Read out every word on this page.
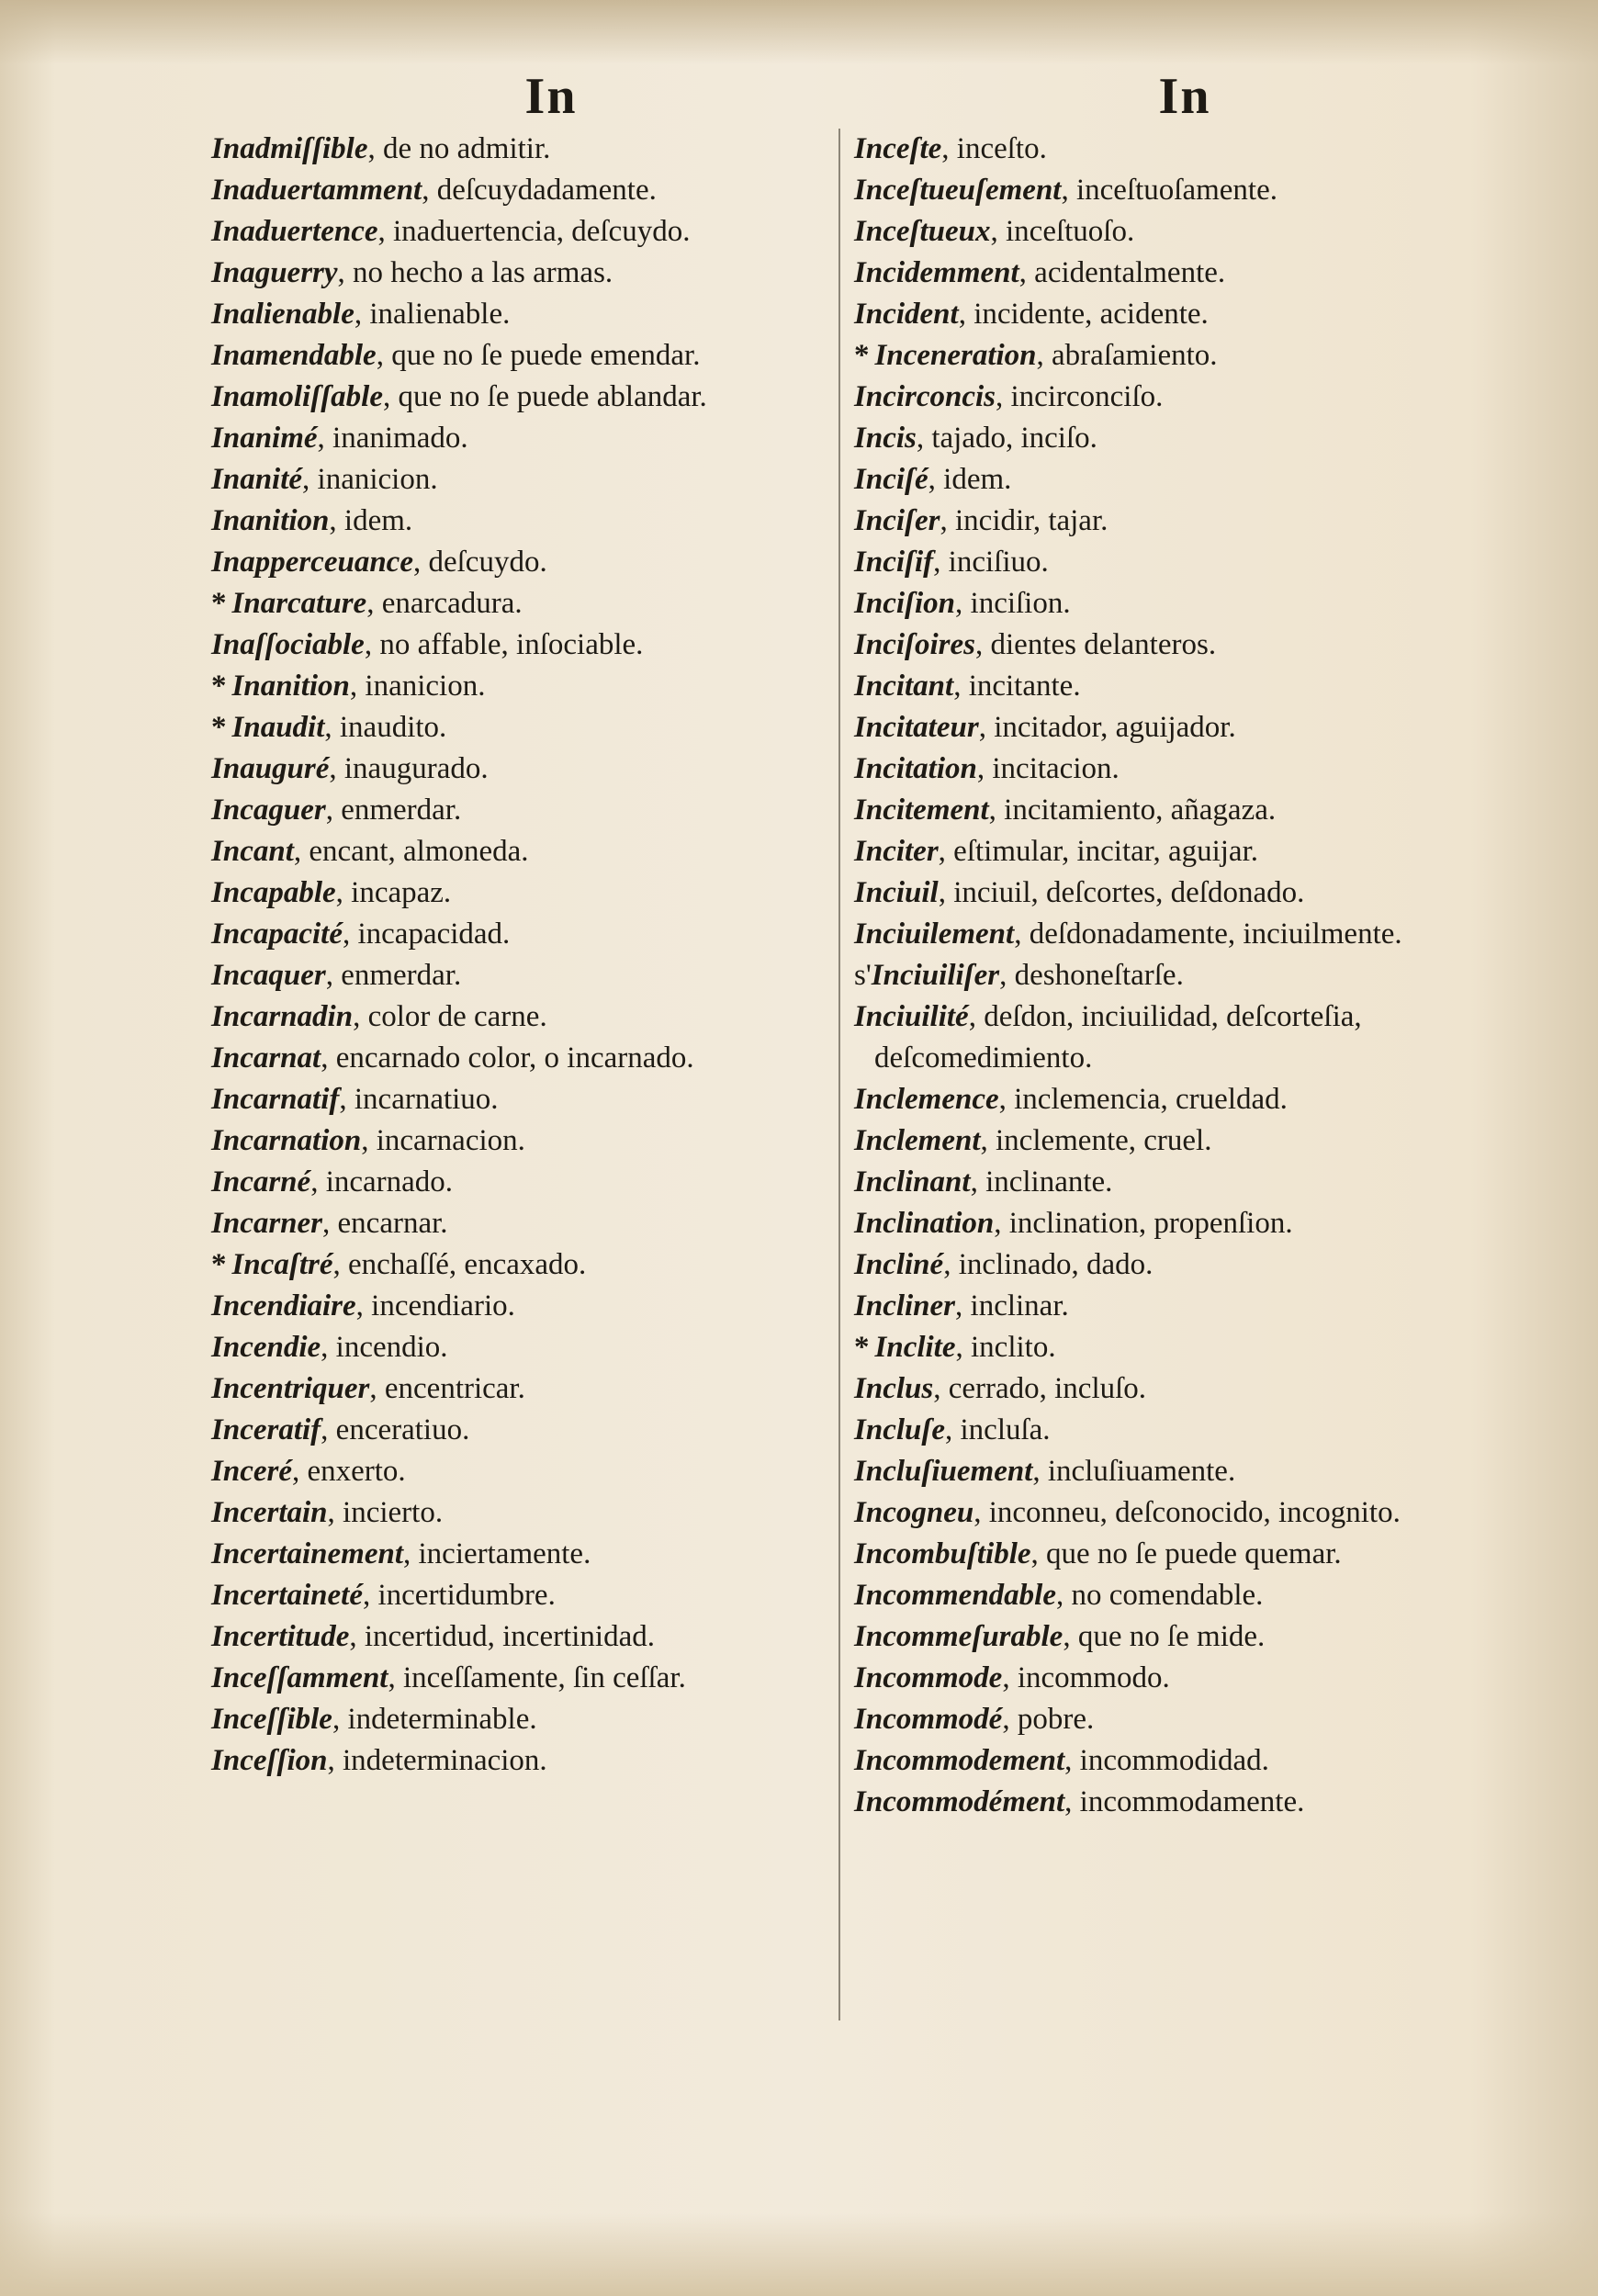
In
Inadmiſſible, de no admitir.
Inaduertamment, deſcuydadamente.
Inaduertence, inaduertencia, deſcuydo.
Inaguerry, no hecho a las armas.
Inalienable, inalienable.
Inamendable, que no ſe puede emendar.
Inamoliſſable, que no ſe puede ablandar.
Inanimé, inanimado.
Inanité, inanicion.
Inanition, idem.
Inapperceuance, deſcuydo.
* Inarcature, enarcadura.
Inaſſociable, no affable, inſociable.
* Inanition, inanicion.
* Inaudit, inaudito.
Inauguré, inaugurado.
Incaguer, enmerdar.
Incant, encant, almoneda.
Incapable, incapaz.
Incapacité, incapacidad.
Incaquer, enmerdar.
Incarnadin, color de carne.
Incarnat, encarnado color, o incarnado.
Incarnatif, incarnatiuo.
Incarnation, incarnacion.
Incarné, incarnado.
Incarner, encarnar.
* Incaſtré, enchaſſé, encaxado.
Incendiaire, incendiario.
Incendie, incendio.
Incentriquer, encentricar.
Inceratif, enceratiuo.
Inceré, enxerto.
Incertain, incierto.
Incertainement, inciertamente.
Incertaineté, incertidumbre.
Incertitude, incertidud, incertinidad.
Inceſſamment, inceſſamente, ſin ceſſar.
Inceſſible, indeterminable.
Inceſſion, indeterminacion.
In
Inceſte, inceſto.
Inceſtueuſement, inceſtuoſamente.
Inceſtueux, inceſtuoſo.
Incidemment, acidentalmente.
Incident, incidente, acidente.
* Inceneration, abraſamiento.
Incirconcis, incirconciſo.
Incis, tajado, inciſo.
Inciſé, idem.
Inciſer, incidir, tajar.
Inciſif, inciſiuo.
Inciſion, inciſion.
Inciſoires, dientes delanteros.
Incitant, incitante.
Incitateur, incitador, aguijador.
Incitation, incitacion.
Incitement, incitamiento, añagaza.
Inciter, eſtimular, incitar, aguijar.
Inciuil, inciuil, deſcortes, deſdonado.
Inciuilement, deſdonadamente, inciuilmente.
s'Inciuiliſer, deshoneſtarſe.
Inciuilité, deſdon, inciuilidad, deſcorteſia, deſcomedimiento.
Inclemence, inclemencia, crueldad.
Inclement, inclemente, cruel.
Inclinant, inclinante.
Inclination, inclination, propenſion.
Incliné, inclinado, dado.
Incliner, inclinar.
* Inclite, inclito.
Inclus, cerrado, incluſo.
Incluſe, incluſa.
Incluſiuement, incluſiuamente.
Incogneu, inconneu, deſconocido, incognito.
Incombuſtible, que no ſe puede quemar.
Incommendable, no comendable.
Incommeſurable, que no ſe mide.
Incommode, incommodo.
Incommodé, pobre.
Incommodement, incommodidad.
Incommodément, incommodamente.
